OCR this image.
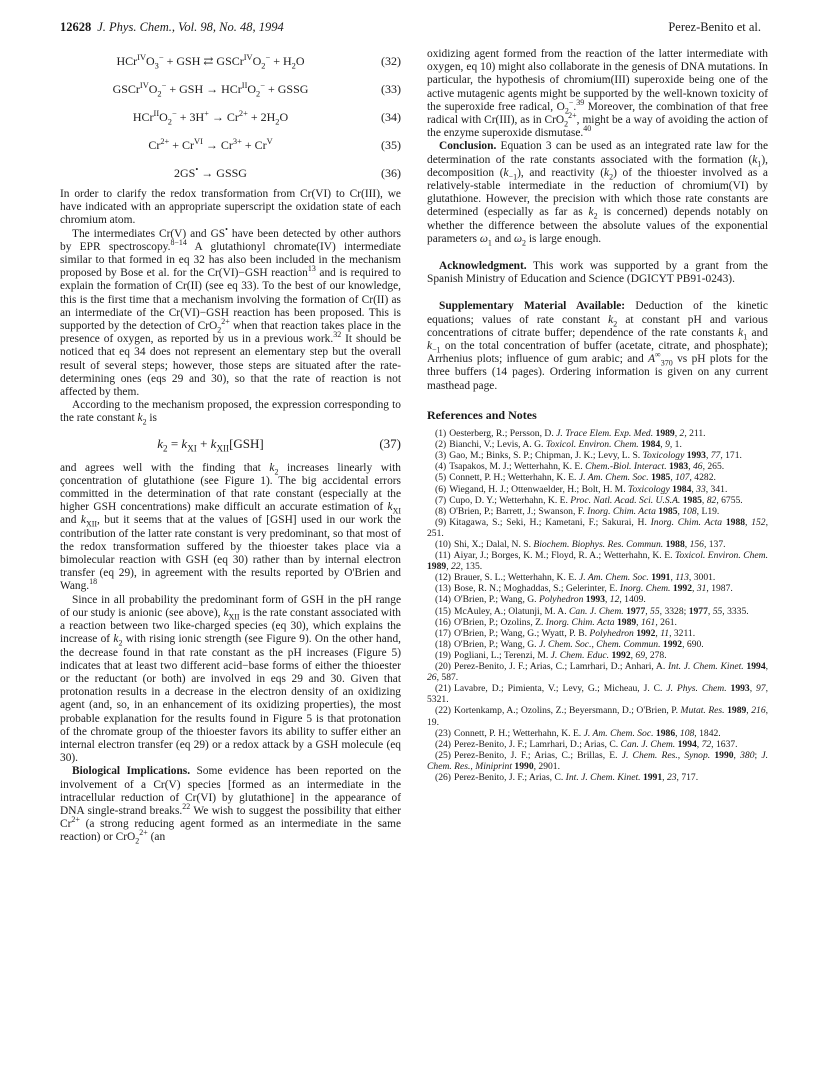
12628 J. Phys. Chem., Vol. 98, No. 48, 1994	Perez-Benito et al.
$HCr^{IV}O_3^-$ + GSH ⇄ $GSCr^{IV}O_2^- + H_2O$	(32)
$GSCr^{IV}O_2^-$ + GSH → $HCr^{II}O_2^-$ + GSSG	(33)
$HCr^{II}O_2^- + 3H^+ \to Cr^{2+} + 2H_2O$	(34)
$Cr^{2+} + Cr^{VI} \to Cr^{3+} + Cr^V$	(35)
2GS• → GSSG	(36)

In order to clarify the redox transformation from Cr(VI) to Cr(III), we have indicated with an appropriate superscript the oxidation state of each chromium atom.

The intermediates Cr(V) and GS• have been detected by other authors by EPR spectroscopy.$^{8-14}$ A glutathionyl chromate(IV) intermediate similar to that formed in eq 32 has also been included in the mechanism proposed by Bose et al. for the Cr(VI)−GSH reaction$^{13}$ and is required to explain the formation of Cr(II) (see eq 33). To the best of our knowledge, this is the first time that a mechanism involving the formation of Cr(II) as an intermediate of the Cr(VI)−GSH reaction has been proposed. This is supported by the detection of CrO$_2^{2+}$ when that reaction takes place in the presence of oxygen, as reported by us in a previous work.$^{32}$ It should be noticed that eq 34 does not represent an elementary step but the overall result of several steps; however, those steps are situated after the rate-determining ones (eqs 29 and 30), so that the rate of reaction is not affected by them.

According to the mechanism proposed, the expression corresponding to the rate constant $k_2$ is

$k_2 = k_{XI} + k_{XII}[GSH]$	(37)

and agrees well with the finding that $k_2$ increases linearly with çoncentration of glutathione (see Figure 1). The big accidental errors committed in the determination of that rate constant (especially at the higher GSH concentrations) make difficult an accurate estimation of $k_{XI}$ and $k_{XII}$, but it seems that at the values of [GSH] used in our work the contribution of the latter rate constant is very predominant, so that most of the redox transformation suffered by the thioester takes place via a bimolecular reaction with GSH (eq 30) rather than by internal electron transfer (eq 29), in agreement with the results reported by O'Brien and Wang.$^{18}$

Since in all probability the predominant form of GSH in the pH range of our study is anionic (see above), $k_{XII}$ is the rate constant associated with a reaction between two like-charged species (eq 30), which explains the increase of $k_2$ with rising ionic strength (see Figure 9). On the other hand, the decrease found in that rate constant as the pH increases (Figure 5) indicates that at least two different acid−base forms of either the thioester or the reductant (or both) are involved in eqs 29 and 30. Given that protonation results in a decrease in the electron density of an oxidizing agent (and, so, in an enhancement of its oxidizing properties), the most probable explanation for the results found in Figure 5 is that protonation of the chromate group of the thioester favors its ability to suffer either an internal electron transfer (eq 29) or a redox attack by a GSH molecule (eq 30).

Biological Implications. Some evidence has been reported on the involvement of a Cr(V) species [formed as an intermediate in the intracellular reduction of Cr(VI) by glutathione] in the appearance of DNA single-strand breaks.$^{22}$ We wish to suggest the possibility that either $Cr^{2+}$ (a strong reducing agent formed as an intermediate in the same reaction) or CrO$_2^{2+}$ (an

oxidizing agent formed from the reaction of the latter intermediate with oxygen, eq 10) might also collaborate in the genesis of DNA mutations. In particular, the hypothesis of chromium(III) superoxide being one of the active mutagenic agents might be supported by the well-known toxicity of the superoxide free radical, $O_2^-.^{39}$ Moreover, the combination of that free radical with Cr(III), as in CrO$_2^{2+}$, might be a way of avoiding the action of the enzyme superoxide dismutase.$^{40}$

Conclusion. Equation 3 can be used as an integrated rate law for the determination of the rate constants associated with the formation $(k_1)$, decomposition $(k_{-1})$, and reactivity $(k_2)$ of the thioester involved as a relatively-stable intermediate in the reduction of chromium(VI) by glutathione. However, the precision with which those rate constants are determined (especially as far as $k_2$ is concerned) depends notably on whether the difference between the absolute values of the exponential parameters $\omega_1$ and $\omega_2$ is large enough.

Acknowledgment. This work was supported by a grant from the Spanish Ministry of Education and Science (DGICYT PB91-0243).

Supplementary Material Available: Deduction of the kinetic equations; values of rate constant $k_2$ at constant pH and various concentrations of citrate buffer; dependence of the rate constants $k_1$ and $k_{-1}$ on the total concentration of buffer (acetate, citrate, and phosphate); Arrhenius plots; influence of gum arabic; and $A^\infty_{370}$ vs pH plots for the three buffers (14 pages). Ordering information is given on any current masthead page.

References and Notes
(1) Oesterberg, R.; Persson, D. J. Trace Elem. Exp. Med. 1989, 2, 211.
(2) Bianchi, V.; Levis, A. G. Toxicol. Environ. Chem. 1984, 9, 1.
(3) Gao, M.; Binks, S. P.; Chipman, J. K.; Levy, L. S. Toxicology 1993, 77, 171.
(4) Tsapakos, M. J.; Wetterhahn, K. E. Chem.-Biol. Interact. 1983, 46, 265.
(5) Connett, P. H.; Wetterhahn, K. E. J. Am. Chem. Soc. 1985, 107, 4282.
(6) Wiegand, H. J.; Ottenwaelder, H.; Bolt, H. M. Toxicology 1984, 33, 341.
(7) Cupo, D. Y.; Wetterhahn, K. E. Proc. Natl. Acad. Sci. U.S.A. 1985, 82, 6755.
(8) O'Brien, P.; Barrett, J.; Swanson, F. Inorg. Chim. Acta 1985, 108, L19.
(9) Kitagawa, S.; Seki, H.; Kametani, F.; Sakurai, H. Inorg. Chim. Acta 1988, 152, 251.
(10) Shi, X.; Dalal, N. S. Biochem. Biophys. Res. Commun. 1988, 156, 137.
(11) Aiyar, J.; Borges, K. M.; Floyd, R. A.; Wetterhahn, K. E. Toxicol. Environ. Chem. 1989, 22, 135.
(12) Brauer, S. L.; Wetterhahn, K. E. J. Am. Chem. Soc. 1991, 113, 3001.
(13) Bose, R. N.; Moghaddas, S.; Gelerinter, E. Inorg. Chem. 1992, 31, 1987.
(14) O'Brien, P.; Wang, G. Polyhedron 1993, 12, 1409.
(15) McAuley, A.; Olatunji, M. A. Can. J. Chem. 1977, 55, 3328; 1977, 55, 3335.
(16) O'Brien, P.; Ozolins, Z. Inorg. Chim. Acta 1989, 161, 261.
(17) O'Brien, P.; Wang, G.; Wyatt, P. B. Polyhedron 1992, 11, 3211.
(18) O'Brien, P.; Wang, G. J. Chem. Soc., Chem. Commun. 1992, 690.
(19) Pogliani, L.; Terenzi, M. J. Chem. Educ. 1992, 69, 278.
(20) Perez-Benito, J. F.; Arias, C.; Lamrhari, D.; Anhari, A. Int. J. Chem. Kinet. 1994, 26, 587.
(21) Lavabre, D.; Pimienta, V.; Levy, G.; Micheau, J. C. J. Phys. Chem. 1993, 97, 5321.
(22) Kortenkamp, A.; Ozolins, Z.; Beyersmann, D.; O'Brien, P. Mutat. Res. 1989, 216, 19.
(23) Connett, P. H.; Wetterhahn, K. E. J. Am. Chem. Soc. 1986, 108, 1842.
(24) Perez-Benito, J. F.; Lamrhari, D.; Arias, C. Can. J. Chem. 1994, 72, 1637.
(25) Perez-Benito, J. F.; Arias, C.; Brillas, E. J. Chem. Res., Synop. 1990, 380; J. Chem. Res., Miniprint 1990, 2901.
(26) Perez-Benito, J. F.; Arias, C. Int. J. Chem. Kinet. 1991, 23, 717.
